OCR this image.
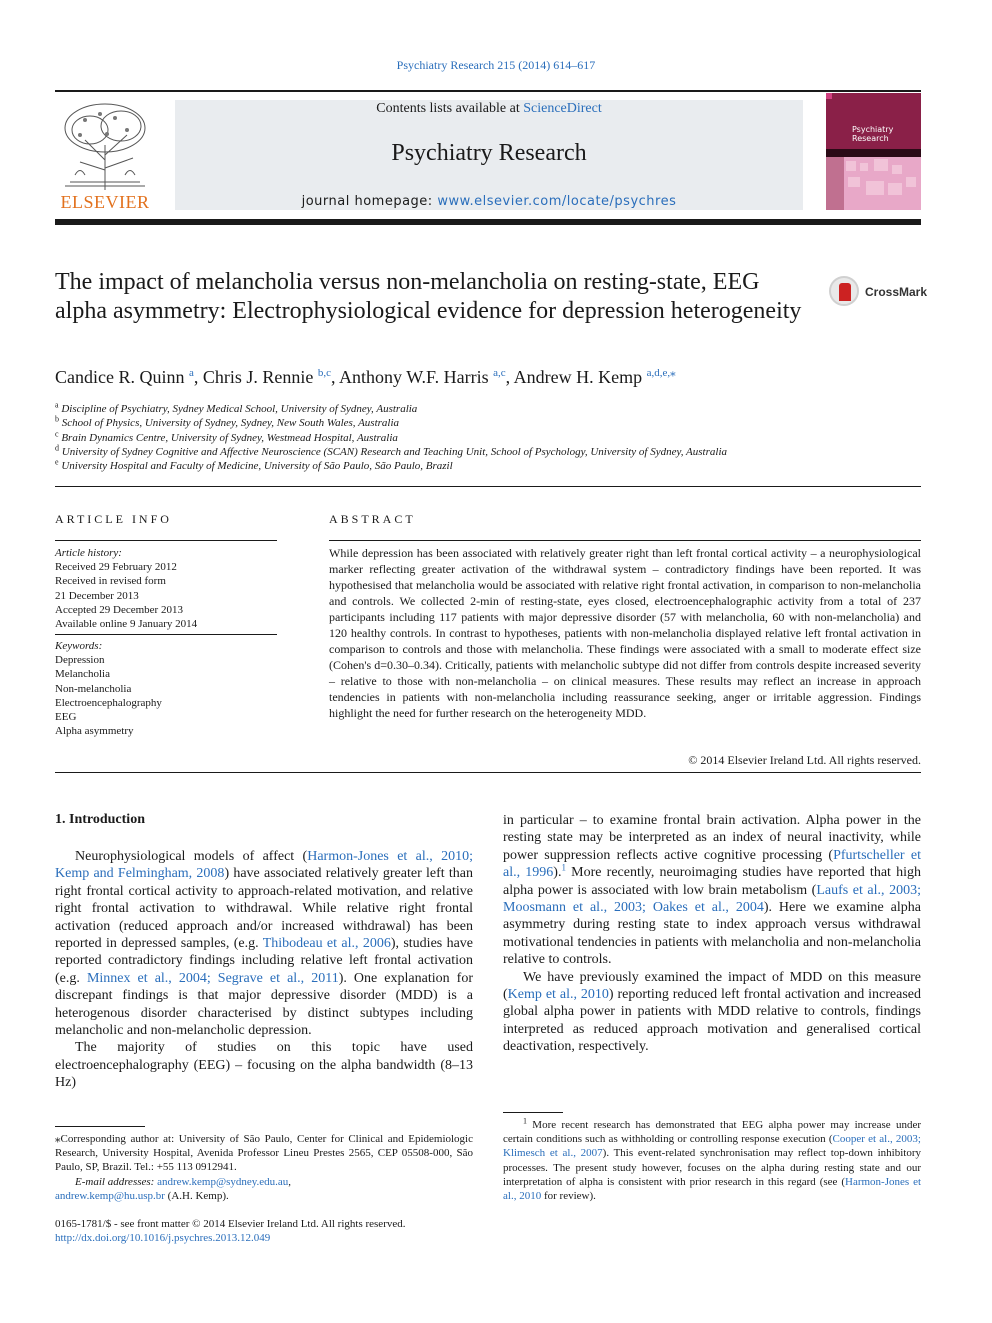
Psychiatry Research 215 (2014) 614–617
ELSEVIER
Contents lists available at ScienceDirect
Psychiatry Research
journal homepage: www.elsevier.com/locate/psychres
Psychiatry Research
The impact of melancholia versus non-melancholia on resting-state, EEG alpha asymmetry: Electrophysiological evidence for depression heterogeneity
CrossMark
Candice R. Quinn $^a$, Chris J. Rennie $^{b,c}$, Anthony W.F. Harris $^{a,c}$, Andrew H. Kemp $^{a,d,e,⁎}$
$^a$ Discipline of Psychiatry, Sydney Medical School, University of Sydney, Australia
$^b$ School of Physics, University of Sydney, Sydney, New South Wales, Australia
$^c$ Brain Dynamics Centre, University of Sydney, Westmead Hospital, Australia
$^d$ University of Sydney Cognitive and Affective Neuroscience (SCAN) Research and Teaching Unit, School of Psychology, University of Sydney, Australia
$^e$ University Hospital and Faculty of Medicine, University of São Paulo, São Paulo, Brazil
ARTICLE INFO
Article history:
Received 29 February 2012
Received in revised form
21 December 2013
Accepted 29 December 2013
Available online 9 January 2014
Keywords:
Depression
Melancholia
Non-melancholia
Electroencephalography
EEG
Alpha asymmetry
ABSTRACT
While depression has been associated with relatively greater right than left frontal cortical activity – a neurophysiological marker reflecting greater activation of the withdrawal system – contradictory findings have been reported. It was hypothesised that melancholia would be associated with relative right frontal activation, in comparison to non-melancholia and controls. We collected 2-min of resting-state, eyes closed, electroencephalographic activity from a total of 237 participants including 117 patients with major depressive disorder (57 with melancholia, 60 with non-melancholia) and 120 healthy controls. In contrast to hypotheses, patients with non-melancholia displayed relative left frontal activation in comparison to controls and those with melancholia. These findings were associated with a small to moderate effect size (Cohen's d=0.30–0.34). Critically, patients with melancholic subtype did not differ from controls despite increased severity – relative to those with non-melancholia – on clinical measures. These results may reflect an increase in approach tendencies in patients with non-melancholia including reassurance seeking, anger or irritable aggression. Findings highlight the need for further research on the heterogeneity MDD.
© 2014 Elsevier Ireland Ltd. All rights reserved.
1. Introduction

Neurophysiological models of affect (Harmon-Jones et al., 2010; Kemp and Felmingham, 2008) have associated relatively greater left than right frontal cortical activity to approach-related motivation, and relative right frontal activation to withdrawal. While relative right frontal activation (reduced approach and/or increased withdrawal) has been reported in depressed samples, (e.g. Thibodeau et al., 2006), studies have reported contradictory findings including relative left frontal activation (e.g. Minnex et al., 2004; Segrave et al., 2011). One explanation for discrepant findings is that major depressive disorder (MDD) is a heterogenous disorder characterised by distinct subtypes including melancholic and non-melancholic depression.

The majority of studies on this topic have used electroencephalography (EEG) – focusing on the alpha bandwidth (8–13 Hz)

in particular – to examine frontal brain activation. Alpha power in the resting state may be interpreted as an index of neural inactivity, while power suppression reflects active cognitive processing (Pfurtscheller et al., 1996).$^1$ More recently, neuroimaging studies have reported that high alpha power is associated with low brain metabolism (Laufs et al., 2003; Moosmann et al., 2003; Oakes et al., 2004). Here we examine alpha asymmetry during resting state to index approach versus withdrawal motivational tendencies in patients with melancholia and non-melancholia relative to controls.

We have previously examined the impact of MDD on this measure (Kemp et al., 2010) reporting reduced left frontal activation and increased global alpha power in patients with MDD relative to controls, findings interpreted as reduced approach motivation and generalised cortical deactivation, respectively.

⁎Corresponding author at: University of São Paulo, Center for Clinical and Epidemiologic Research, University Hospital, Avenida Professor Lineu Prestes 2565, CEP 05508-000, São Paulo, SP, Brazil. Tel.: +55 113 0912941.

E-mail addresses: andrew.kemp@sydney.edu.au,

andrew.kemp@hu.usp.br (A.H. Kemp).

$^1$ More recent research has demonstrated that EEG alpha power may increase under certain conditions such as withholding or controlling response execution (Cooper et al., 2003; Klimesch et al., 2007). This event-related synchronisation may reflect top-down inhibitory processes. The present study however, focuses on the alpha during resting state and our interpretation of alpha is consistent with prior research in this regard (see (Harmon-Jones et al., 2010 for review).

0165-1781/$ - see front matter © 2014 Elsevier Ireland Ltd. All rights reserved.
http://dx.doi.org/10.1016/j.psychres.2013.12.049
